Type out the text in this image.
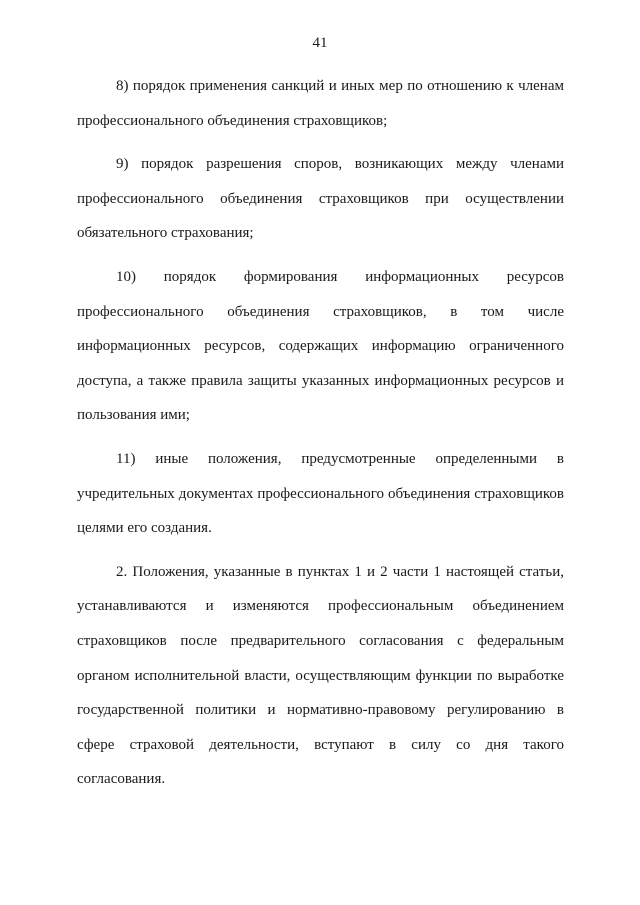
41

8) порядок применения санкций и иных мер по отношению к членам профессионального объединения страховщиков;

9) порядок разрешения споров, возникающих между членами профессионального объединения страховщиков при осуществлении обязательного страхования;

10) порядок формирования информационных ресурсов профессионального объединения страховщиков, в том числе информационных ресурсов, содержащих информацию ограниченного доступа, а также правила защиты указанных информационных ресурсов и пользования ими;

11) иные положения, предусмотренные определенными в учредительных документах профессионального объединения страховщиков целями его создания.

2. Положения, указанные в пунктах 1 и 2 части 1 настоящей статьи, устанавливаются и изменяются профессиональным объединением страховщиков после предварительного согласования с федеральным органом исполнительной власти, осуществляющим функции по выработке государственной политики и нормативно-правовому регулированию в сфере страховой деятельности, вступают в силу со дня такого согласования.
